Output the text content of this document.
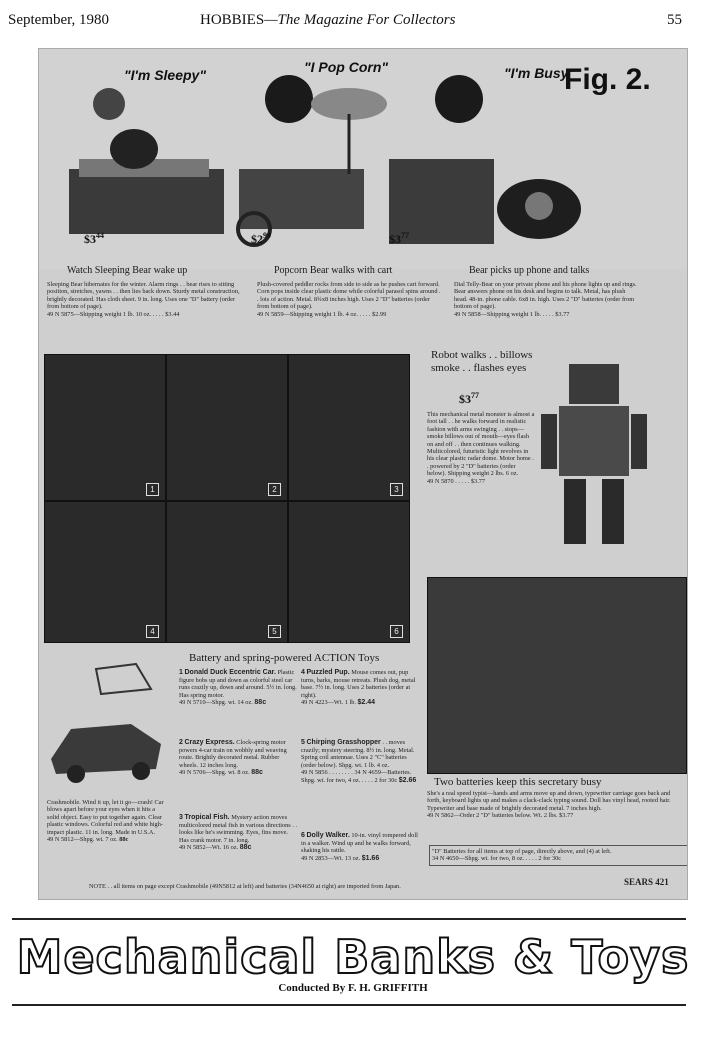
September, 1980	HOBBIES—The Magazine For Collectors	55
"I'm Sleepy"	"I Pop Corn"	"I'm Busy"
Fig. 2.
$\$3^{44}$	$\$2^{99}$	$\$3^{77}$
Watch Sleeping Bear wake up	Popcorn Bear walks with cart	Bear picks up phone and talks
Sleeping Bear hibernates for the winter. Alarm rings . . bear rises to sitting position, stretches, yawns . . then lies back down. Sturdy metal construction, brightly decorated. Has cloth sheet. 9 in. long. Uses one "D" battery (order from bottom of page).
49 N 5875—Shipping weight 1 lb. 10 oz. . . . . $3.44
Plush-covered peddler rocks from side to side as he pushes cart forward. Corn pops inside clear plastic dome while colorful parasol spins around . . lots of action. Metal. 8¾x8 inches high. Uses 2 "D" batteries (order from bottom of page).
49 N 5859—Shipping weight 1 lb. 4 oz. . . . . $2.99
Dial Telly-Bear on your private phone and his phone lights up and rings. Bear answers phone on his desk and begins to talk. Metal, has plush head. 48-in. phone cable. 6x8 in. high. Uses 2 "D" batteries (order from bottom of page).
49 N 5858—Shipping weight 1 lb. . . . . $3.77
1	2	3
4	5	6
Robot walks . . billows smoke . . flashes eyes
$\$3^{77}$
This mechanical metal monster is almost a foot tall . . he walks forward in realistic fashion with arms swinging . . stops—smoke billows out of mouth—eyes flash on and off . . then continues walking. Multicolored, futuristic light revolves in his clear plastic radar dome. Motor home . . powered by 2 "D" batteries (order below). Shipping weight 2 lbs. 6 oz.
49 N 5870 . . . . . $3.77
Two batteries keep this secretary busy
She's a real speed typist—hands and arms move up and down, typewriter carriage goes back and forth, keyboard lights up and makes a clack-clack typing sound. Doll has vinyl head, rooted hair. Typewriter and base made of brightly decorated metal. 7 inches high.
49 N 5862—Order 2 "D" batteries below. Wt. 2 lbs. $3.77
"D" Batteries for all items at top of page, directly above, and (4) at left.
34 N 4650—Shpg. wt. for two, 8 oz. . . . . 2 for 30c
Battery and spring-powered ACTION Toys
Crashmobile. Wind it up, let it go—crash! Car blows apart before your eyes when it hits a solid object. Easy to put together again. Clear plastic windows. Colorful red and white high-impact plastic. 11 in. long. Made in U.S.A.
49 N 5812—Shpg. wt. 7 oz. 88c
1 Donald Duck Eccentric Car. Plastic figure bobs up and down as colorful steel car runs crazily up, down and around. 5½ in. long. Has spring motor.
49 N 5710—Shpg. wt. 14 oz. 88c
2 Crazy Express. Clock-spring motor powers 4-car train on wobbly and weaving route. Brightly decorated metal. Rubber wheels. 12 inches long.
49 N 5706—Shpg. wt. 8 oz. 88c
3 Tropical Fish. Mystery action moves multicolored metal fish in various directions . . looks like he's swimming. Eyes, fins move. Has crank motor. 7 in. long.
49 N 5852—Wt. 16 oz. 88c
4 Puzzled Pup. Mouse comes out, pup turns, barks, mouse retreats. Plush dog, metal base. 7½ in. long. Uses 2 batteries (order at right).
49 N 4223—Wt. 1 lb. $2.44
5 Chirping Grasshopper . . moves crazily; mystery steering. 8½ in. long. Metal. Spring coil antennae. Uses 2 "C" batteries (order below). Shpg. wt. 1 lb. 4 oz.
49 N 5856 . . . . . . . . 34 N 4659—Batteries. Shpg. wt. for two, 4 oz. . . . . 2 for 30c $2.66
6 Dolly Walker. 10-in. vinyl rompered doll in a walker. Wind up and he walks forward, shaking his rattle.
49 N 2853—Wt. 13 oz. $1.66
NOTE . . all items on page except Crashmobile (49N5812 at left) and batteries (34N4650 at right) are imported from Japan.	SEARS 421
Mechanical Banks & Toys
Conducted By F. H. GRIFFITH
